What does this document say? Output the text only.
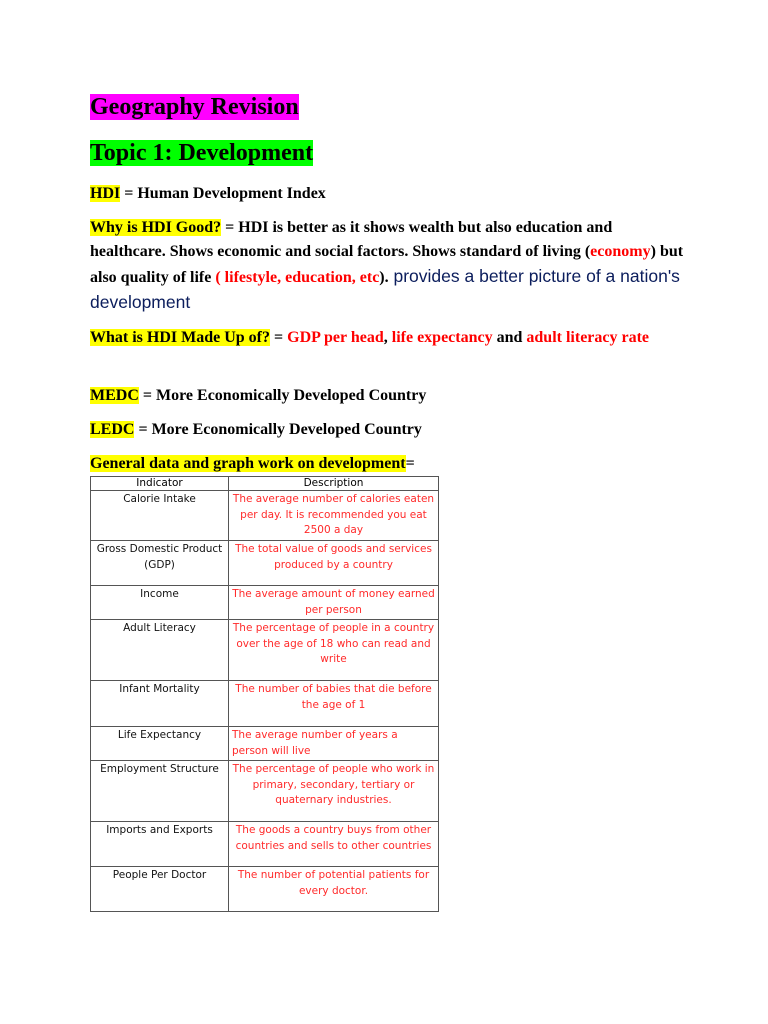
Geography Revision
Topic 1: Development

HDI = Human Development Index

Why is HDI Good? = HDI is better as it shows wealth but also education and healthcare. Shows economic and social factors. Shows standard of living (economy) but also quality of life ( lifestyle, education, etc). provides a better picture of a nation's development

What is HDI Made Up of? = GDP per head, life expectancy and adult literacy rate

MEDC = More Economically Developed Country

LEDC = More Economically Developed Country

General data and graph work on development=

Indicator	Description
Calorie Intake	The average number of calories eaten per day. It is recommended you eat 2500 a day
Gross Domestic Product (GDP)	The total value of goods and services produced by a country
Income	The average amount of money earned per person
Adult Literacy	The percentage of people in a country over the age of 18 who can read and write
Infant Mortality	The number of babies that die before the age of 1
Life Expectancy	The average number of years a person will live
Employment Structure	The percentage of people who work in primary, secondary, tertiary or quaternary industries.
Imports and Exports	The goods a country buys from other countries and sells to other countries
People Per Doctor	The number of potential patients for every doctor.
